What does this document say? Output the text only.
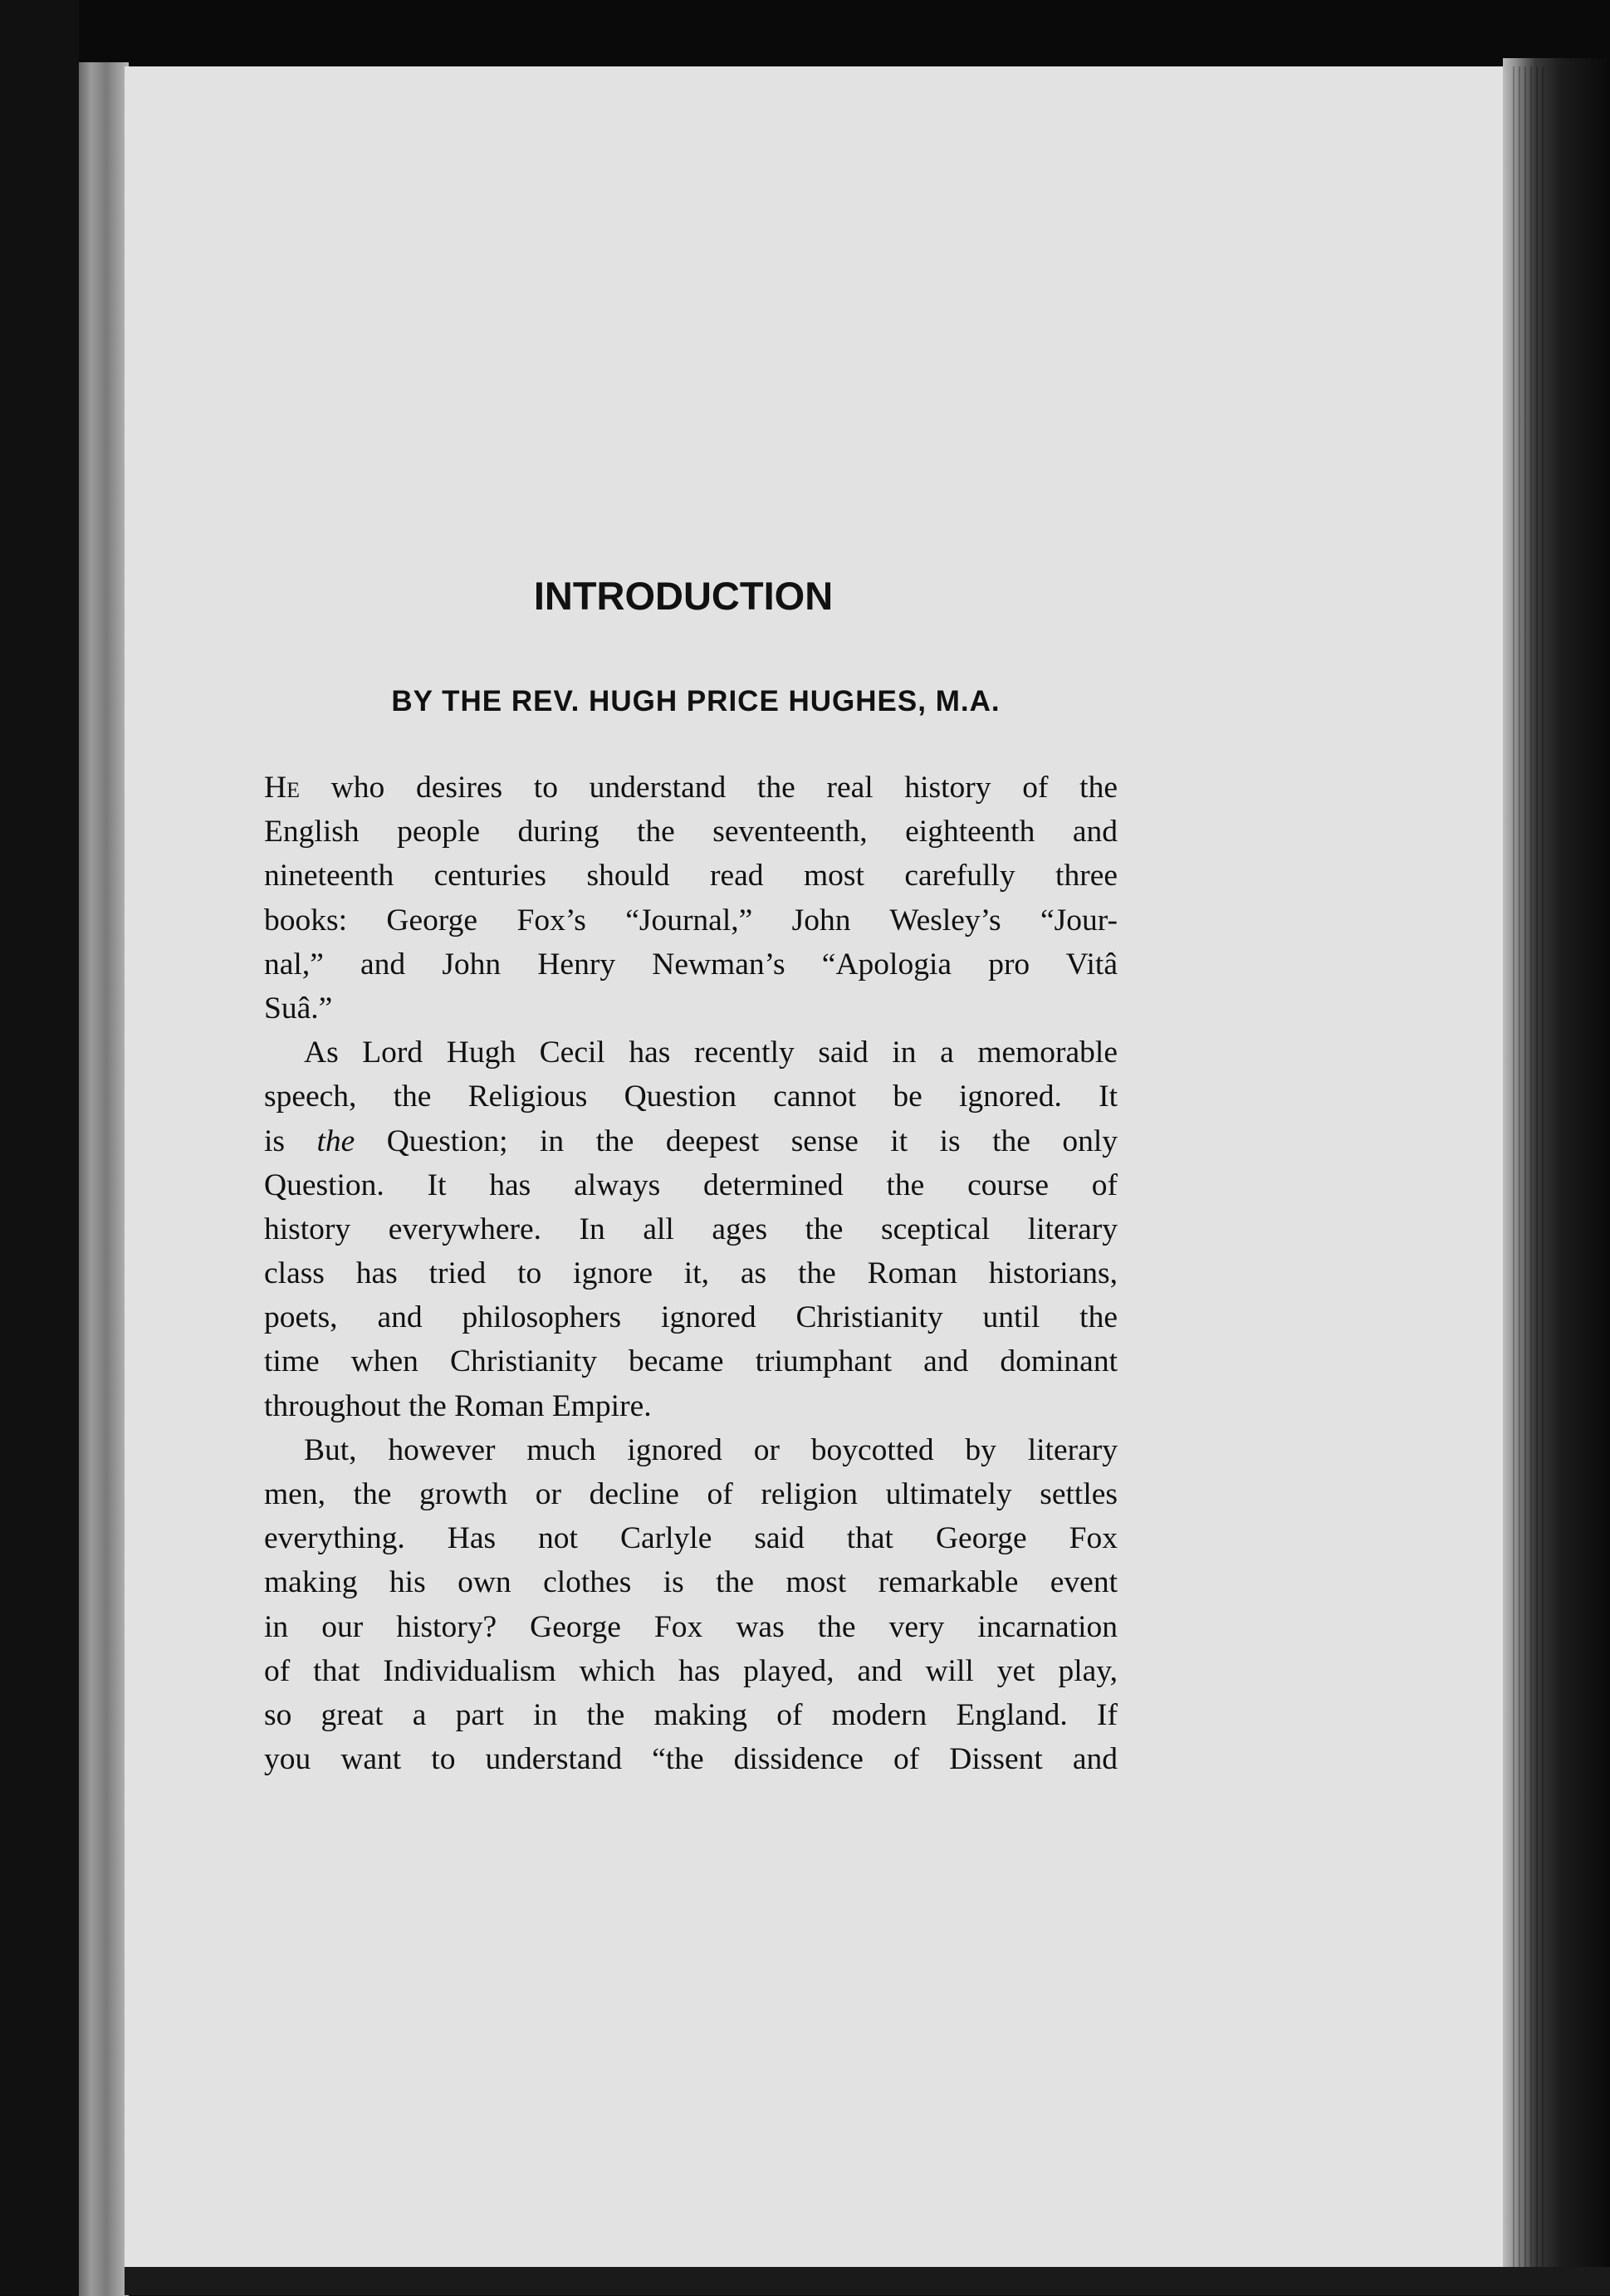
INTRODUCTION
BY THE REV. HUGH PRICE HUGHES, M.A.

He who desires to understand the real history of the
English people during the seventeenth, eighteenth and
nineteenth centuries should read most carefully three
books: George Fox’s “Journal,” John Wesley’s “Jour-
nal,” and John Henry Newman’s “Apologia pro Vitâ
Suâ.”

As Lord Hugh Cecil has recently said in a memorable
speech, the Religious Question cannot be ignored. It
is the Question; in the deepest sense it is the only
Question. It has always determined the course of
history everywhere. In all ages the sceptical literary
class has tried to ignore it, as the Roman historians,
poets, and philosophers ignored Christianity until the
time when Christianity became triumphant and dominant
throughout the Roman Empire.

But, however much ignored or boycotted by literary
men, the growth or decline of religion ultimately settles
everything. Has not Carlyle said that George Fox
making his own clothes is the most remarkable event
in our history? George Fox was the very incarnation
of that Individualism which has played, and will yet play,
so great a part in the making of modern England. If
you want to understand “the dissidence of Dissent and
